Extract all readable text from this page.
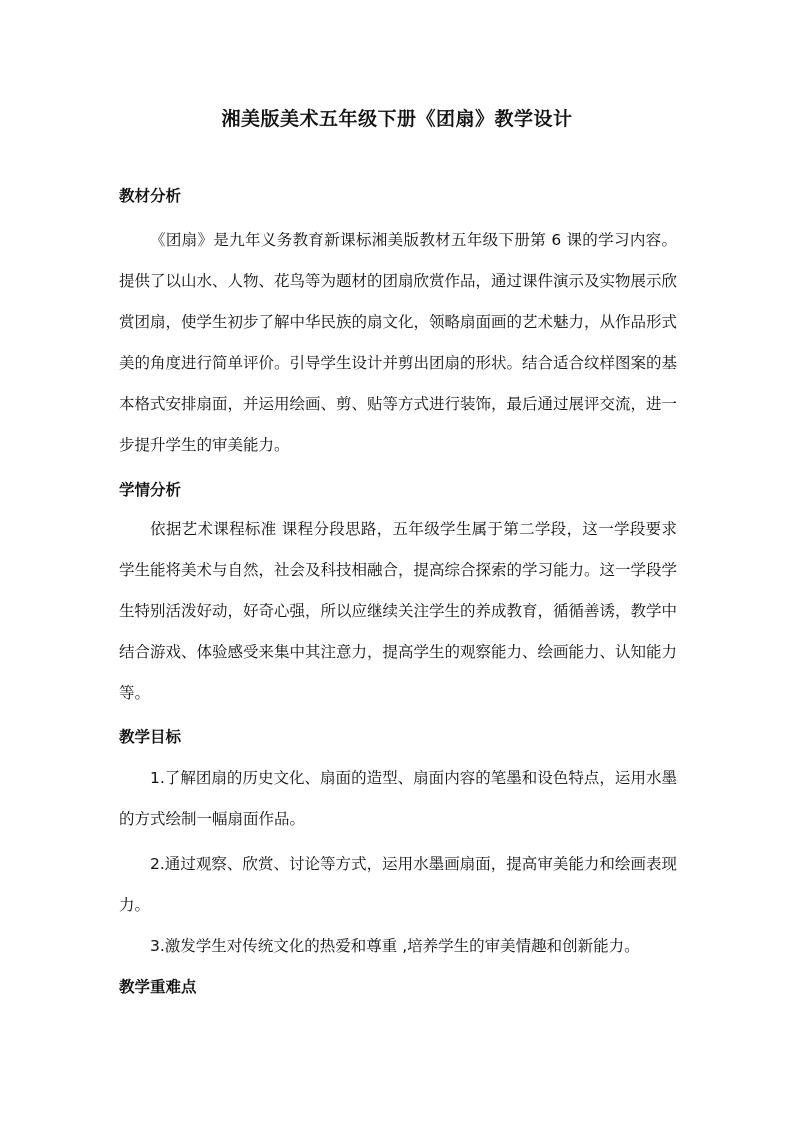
湘美版美术五年级下册《团扇》教学设计
教材分析

《团扇》是九年义务教育新课标湘美版教材五年级下册第 6 课的学习内容。提供了以山水、人物、花鸟等为题材的团扇欣赏作品，通过课件演示及实物展示欣赏团扇，使学生初步了解中华民族的扇文化，领略扇面画的艺术魅力，从作品形式美的角度进行简单评价。引导学生设计并剪出团扇的形状。结合适合纹样图案的基本格式安排扇面，并运用绘画、剪、贴等方式进行装饰，最后通过展评交流，进一步提升学生的审美能力。

学情分析

依据艺术课程标准 课程分段思路，五年级学生属于第二学段，这一学段要求学生能将美术与自然，社会及科技相融合，提高综合探索的学习能力。这一学段学生特别活泼好动，好奇心强，所以应继续关注学生的养成教育，循循善诱，教学中结合游戏、体验感受来集中其注意力，提高学生的观察能力、绘画能力、认知能力等。

教学目标

1.了解团扇的历史文化、扇面的造型、扇面内容的笔墨和设色特点，运用水墨的方式绘制一幅扇面作品。

2.通过观察、欣赏、讨论等方式，运用水墨画扇面，提高审美能力和绘画表现力。

3.激发学生对传统文化的热爱和尊重 ,培养学生的审美情趣和创新能力。

教学重难点
